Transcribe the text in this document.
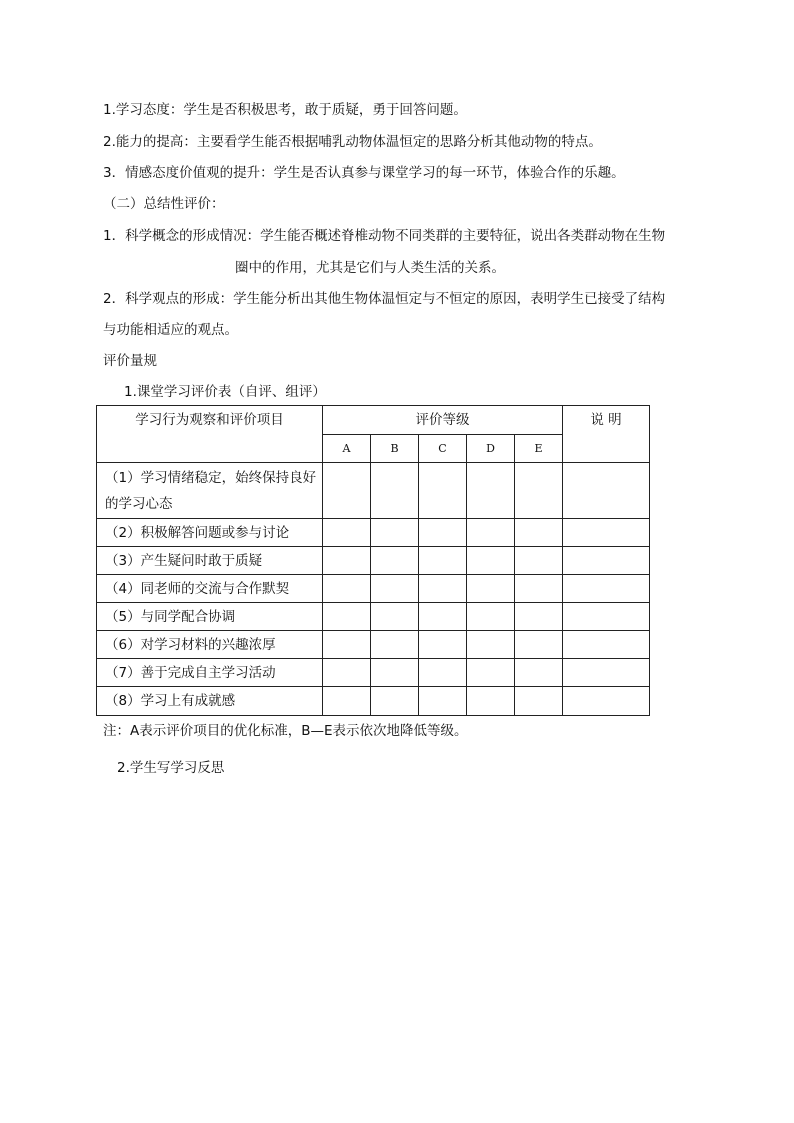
1.学习态度：学生是否积极思考，敢于质疑，勇于回答问题。
2.能力的提高：主要看学生能否根据哺乳动物体温恒定的思路分析其他动物的特点。
3．情感态度价值观的提升：学生是否认真参与课堂学习的每一环节，体验合作的乐趣。
（二）总结性评价：
1．科学概念的形成情况：学生能否概述脊椎动物不同类群的主要特征，说出各类群动物在生物
圈中的作用，尤其是它们与人类生活的关系。
2．科学观点的形成：学生能分析出其他生物体温恒定与不恒定的原因，表明学生已接受了结构
与功能相适应的观点。
评价量规
1.课堂学习评价表（自评、组评）
学习行为观察和评价项目	评价等级					说 明
	A	B	C	D	E	
（1）学习情绪稳定，始终保持良好的学习心态						
（2）积极解答问题或参与讨论						
（3）产生疑问时敢于质疑						
（4）同老师的交流与合作默契						
（5）与同学配合协调						
（6）对学习材料的兴趣浓厚						
（7）善于完成自主学习活动						
（8）学习上有成就感						
注：A表示评价项目的优化标准，B—E表示依次地降低等级。
2.学生写学习反思
